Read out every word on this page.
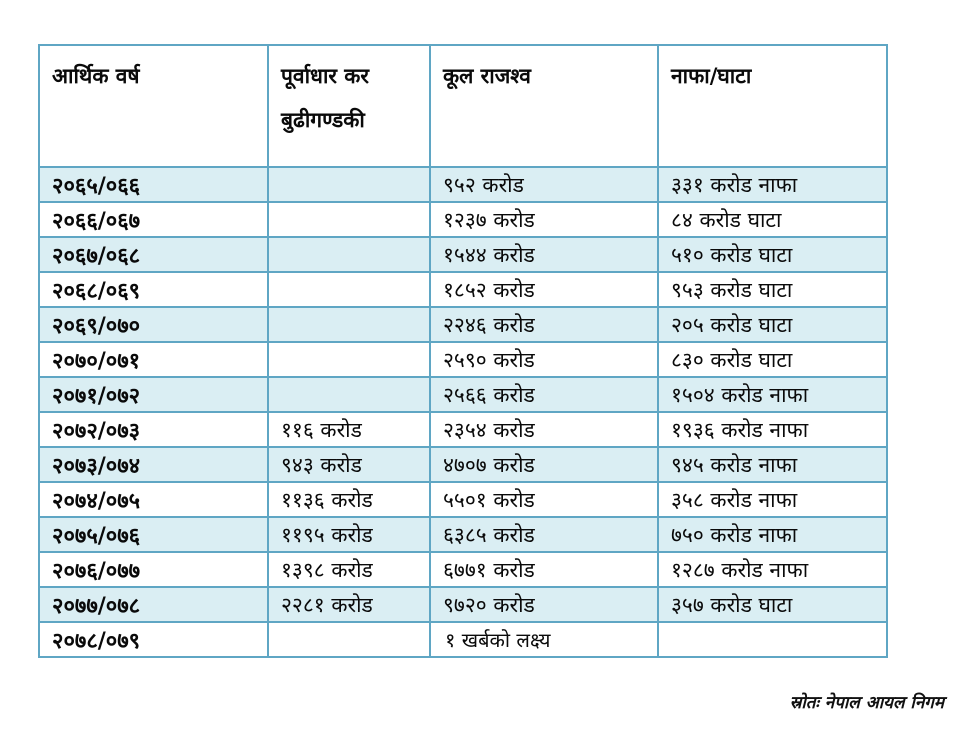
आर्थिक वर्ष	पूर्वाधार कर बुढीगण्डकी	कूल राजश्व	नाफा/घाटा
२०६५/०६६		९५२ करोड	३३१ करोड नाफा
२०६६/०६७		१२३७ करोड	८४ करोड घाटा
२०६७/०६८		१५४४ करोड	५१० करोड घाटा
२०६८/०६९		१८५२ करोड	९५३ करोड घाटा
२०६९/०७०		२२४६ करोड	२०५ करोड घाटा
२०७०/०७१		२५९० करोड	८३० करोड घाटा
२०७१/०७२		२५६६ करोड	१५०४ करोड नाफा
२०७२/०७३	११६ करोड	२३५४ करोड	१९३६ करोड नाफा
२०७३/०७४	९४३ करोड	४७०७ करोड	९४५ करोड नाफा
२०७४/०७५	११३६ करोड	५५०१ करोड	३५८ करोड नाफा
२०७५/०७६	११९५ करोड	६३८५ करोड	७५० करोड नाफा
२०७६/०७७	१३९८ करोड	६७७१ करोड	१२८७ करोड नाफा
२०७७/०७८	२२८१ करोड	९७२० करोड	३५७ करोड घाटा
२०७८/०७९		१ खर्बको लक्ष्य	
स्रोतः नेपाल आयल निगम
